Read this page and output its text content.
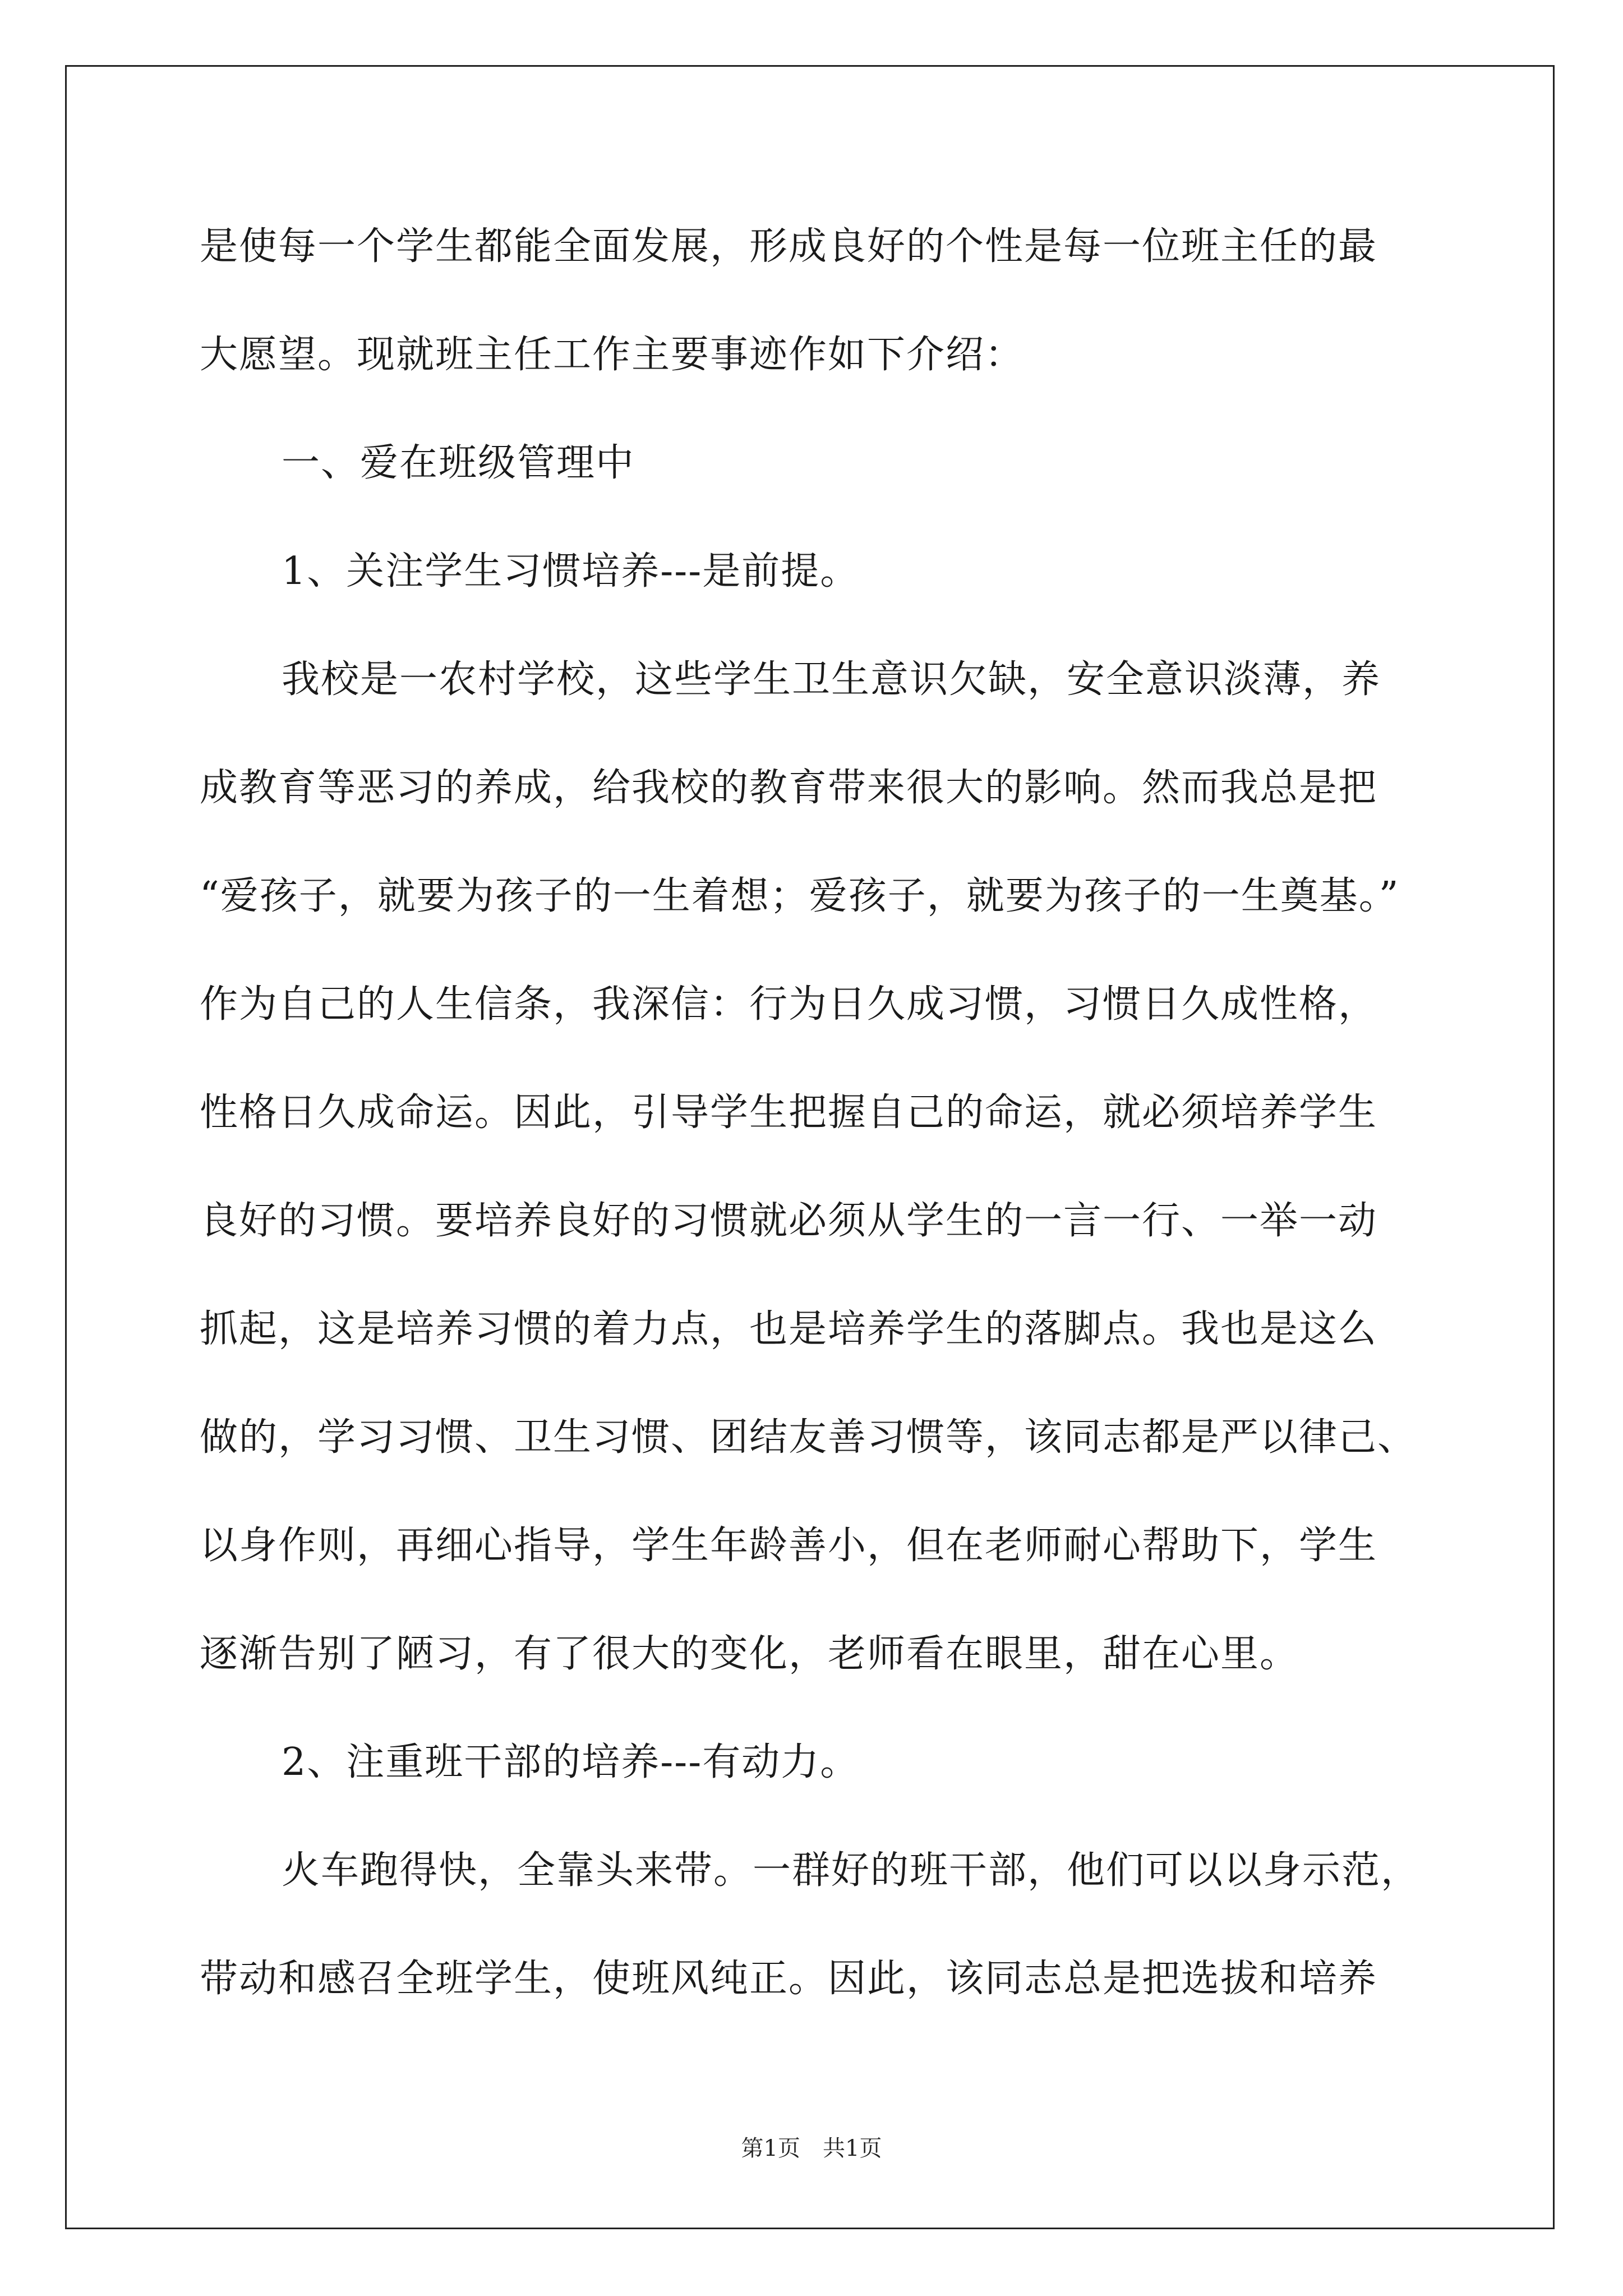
是使每一个学生都能全面发展，形成良好的个性是每一位班主任的最
大愿望。现就班主任工作主要事迹作如下介绍：
一、爱在班级管理中
1、关注学生习惯培养---是前提。
我校是一农村学校，这些学生卫生意识欠缺，安全意识淡薄，养
成教育等恶习的养成，给我校的教育带来很大的影响。然而我总是把
“爱孩子，就要为孩子的一生着想；爱孩子，就要为孩子的一生奠基。”
作为自己的人生信条，我深信：行为日久成习惯，习惯日久成性格，
性格日久成命运。因此，引导学生把握自己的命运，就必须培养学生
良好的习惯。要培养良好的习惯就必须从学生的一言一行、一举一动
抓起，这是培养习惯的着力点，也是培养学生的落脚点。我也是这么
做的，学习习惯、卫生习惯、团结友善习惯等，该同志都是严以律己、
以身作则，再细心指导，学生年龄善小，但在老师耐心帮助下，学生
逐渐告别了陋习，有了很大的变化，老师看在眼里，甜在心里。
2、注重班干部的培养---有动力。
火车跑得快，全靠头来带。一群好的班干部，他们可以以身示范，
带动和感召全班学生，使班风纯正。因此，该同志总是把选拔和培养
第1页　共1页
